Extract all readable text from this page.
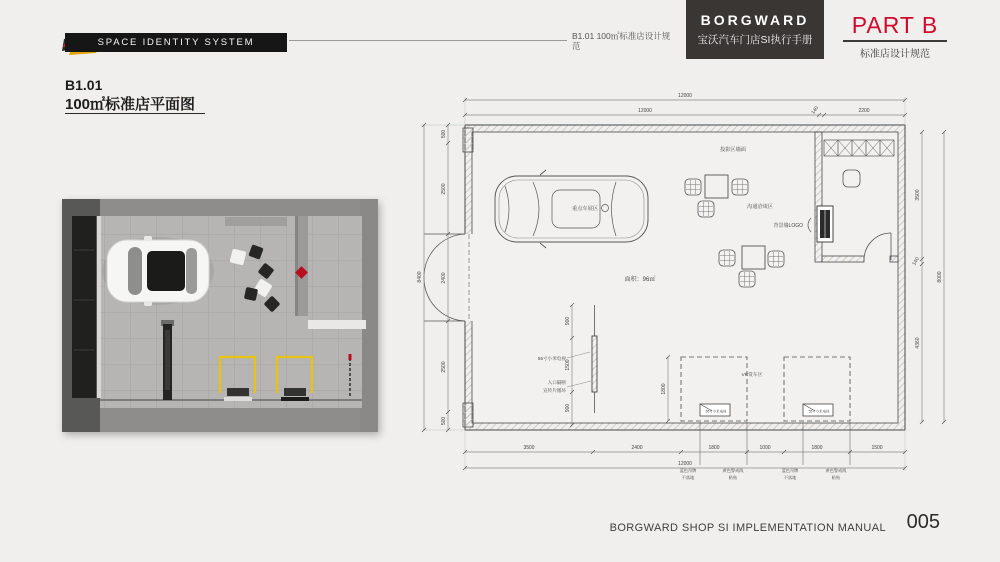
SPACE IDENTITY SYSTEM
B1.01 100㎡标准店设计规范
BORGWARD
宝沃汽车门店SI执行手册
PART B
标准店设计规范
B1.01
100㎡标准店平面图
重点车展区	沟通洽谈区
背景墙LOGO
投影区墙面
面积：96㎡
55寸小米电视
入口隔断
宣传片循环
VR赏车区
55寸小米电视	55寸小米电视
12000
12000	140	2200
8400
500
2500
2400
2500
500
8000
3500
140
4360
12000
3500	2400	1800	1000	1800	1500
900
1500
900
1800
蓝色吊牌
不落地
黄色警戒线
粘贴
蓝色吊牌
不落地
黄色警戒线
粘贴
BORGWARD SHOP SI IMPLEMENTATION MANUAL 005
